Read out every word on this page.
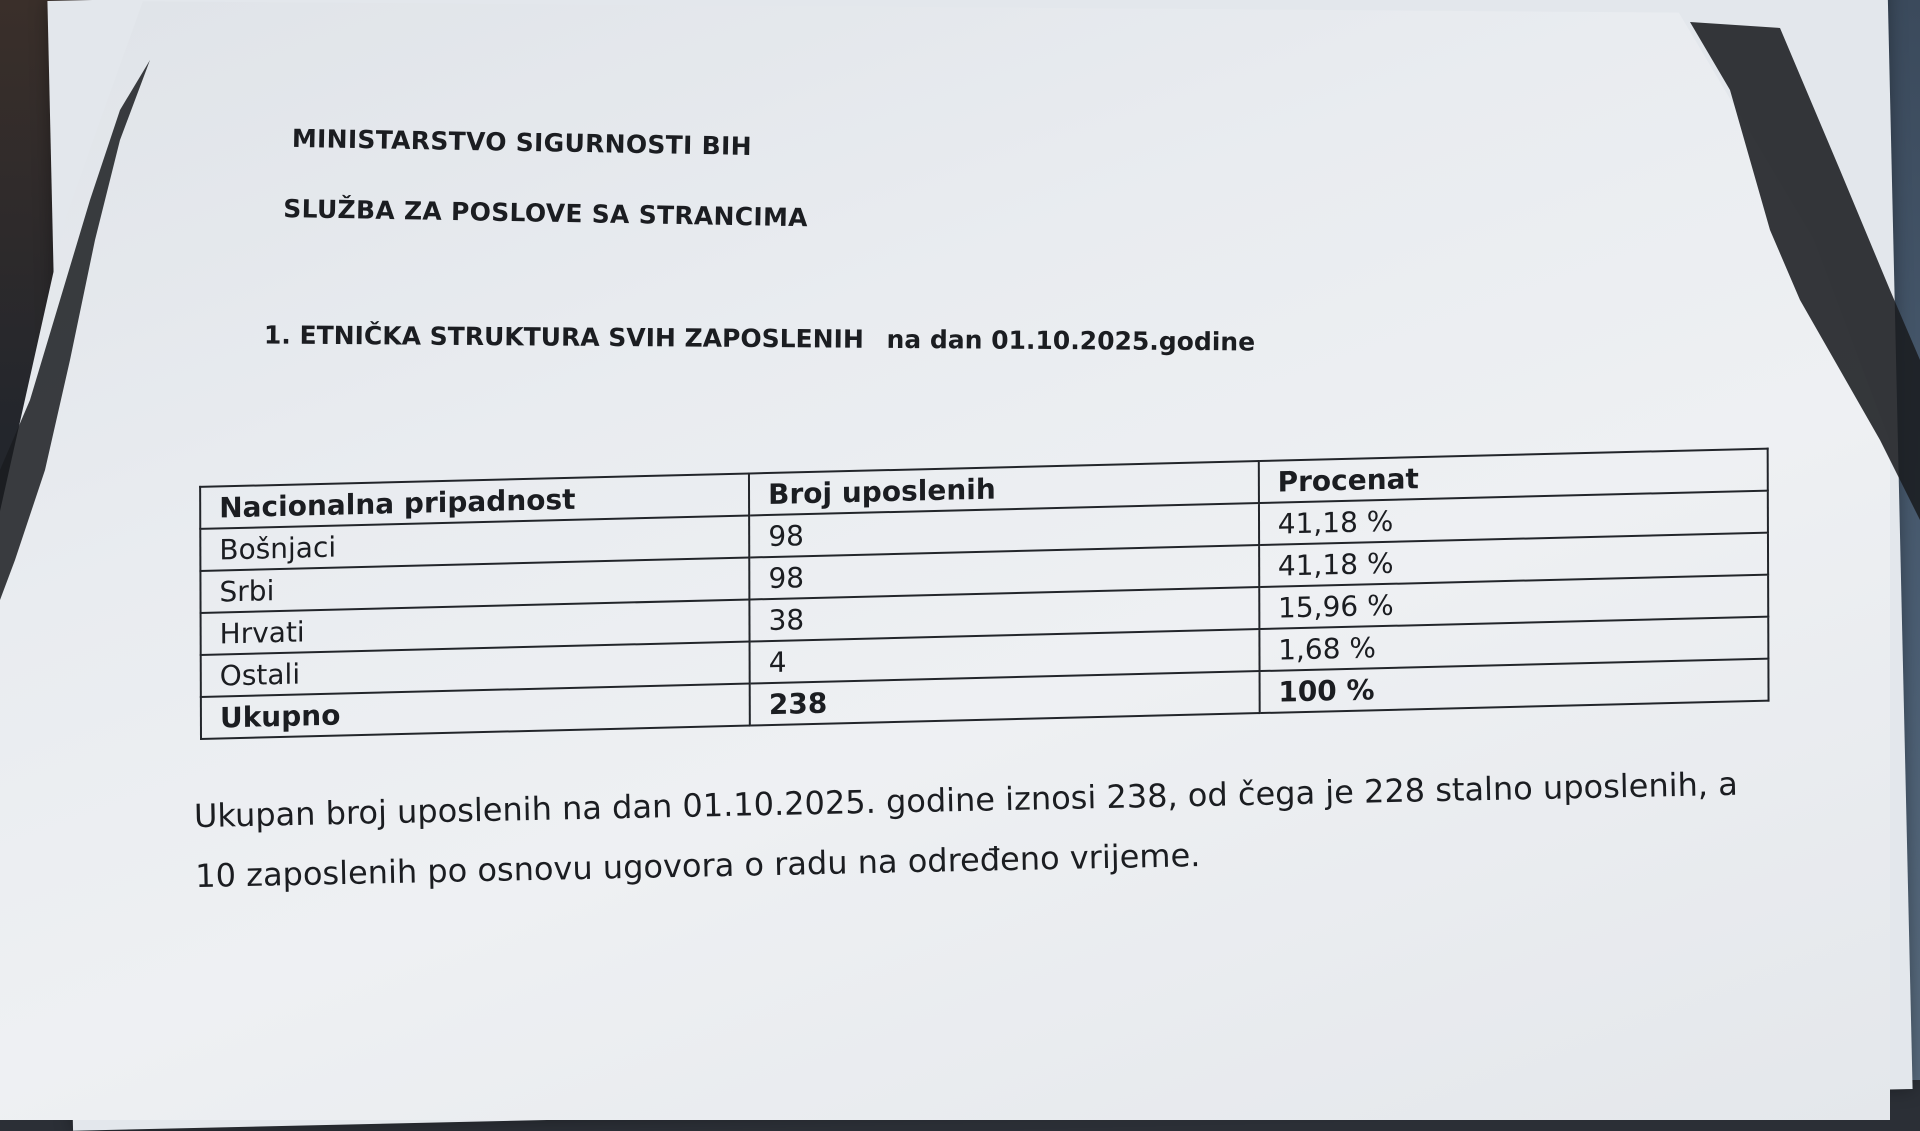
MINISTARSTVO SIGURNOSTI BIH
SLUŽBA ZA POSLOVE SA STRANCIMA
1. ETNIČKA STRUKTURA SVIH ZAPOSLENIH na dan 01.10.2025.godine
Nacionalna pripadnost	Broj uposlenih	Procenat
Bošnjaci	98	41,18 %
Srbi	98	41,18 %
Hrvati	38	15,96 %
Ostali	4	1,68 %
Ukupno	238	100 %
Ukupan broj uposlenih na dan 01.10.2025. godine iznosi 238, od čega je 228 stalno uposlenih, a 10 zaposlenih po osnovu ugovora o radu na određeno vrijeme.
